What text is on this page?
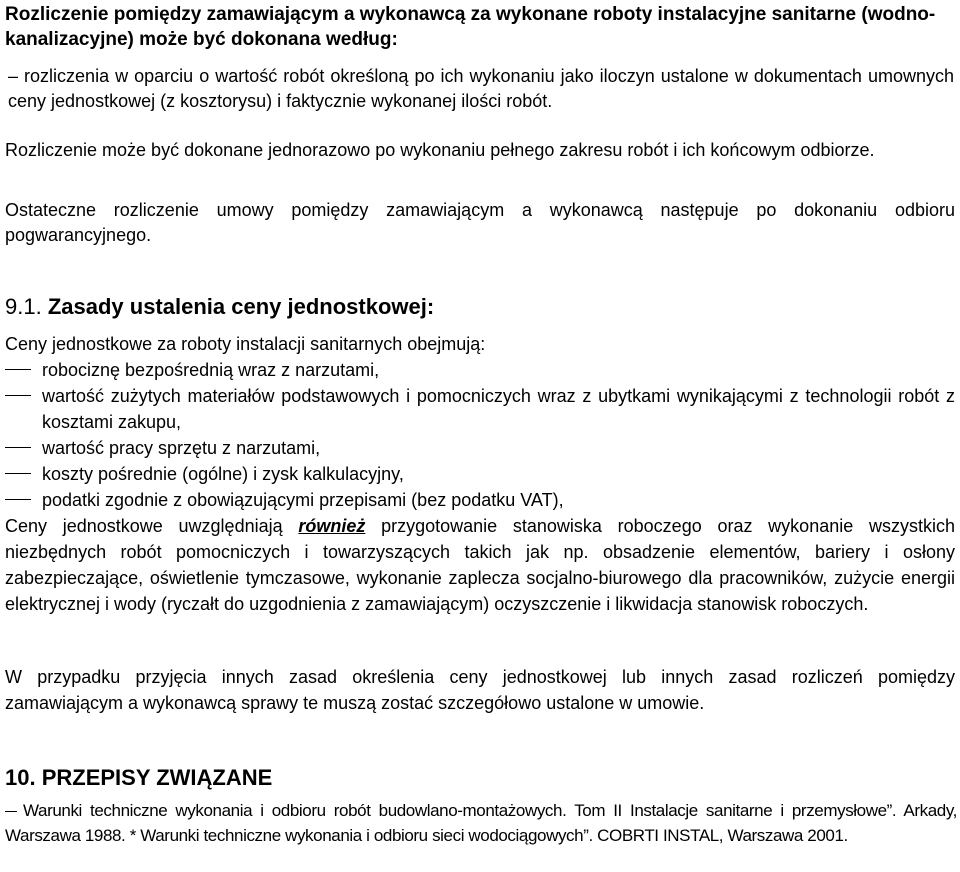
Rozliczenie pomiędzy zamawiającym a wykonawcą za wykonane roboty instalacyjne sanitarne (wodno-kanalizacyjne) może być dokonana według:
– rozliczenia w oparciu o wartość robót określoną po ich wykonaniu jako iloczyn ustalone w dokumentach umownych ceny jednostkowej (z kosztorysu) i faktycznie wykonanej ilości robót.
Rozliczenie może być dokonane jednorazowo po wykonaniu pełnego zakresu robót i ich końcowym odbiorze.
Ostateczne rozliczenie umowy pomiędzy zamawiającym a wykonawcą następuje po dokonaniu odbioru pogwarancyjnego.
9.1. Zasady ustalenia ceny jednostkowej:
Ceny jednostkowe za roboty instalacji sanitarnych obejmują:
robociznę bezpośrednią wraz z narzutami,
wartość zużytych materiałów podstawowych i pomocniczych wraz z ubytkami wynikającymi z technologii robót z kosztami zakupu,
wartość pracy sprzętu z narzutami,
koszty pośrednie (ogólne) i zysk kalkulacyjny,
podatki zgodnie z obowiązującymi przepisami (bez podatku VAT),
Ceny jednostkowe uwzględniają również przygotowanie stanowiska roboczego oraz wykonanie wszystkich niezbędnych robót pomocniczych i towarzyszących takich jak np. obsadzenie elementów, bariery i osłony zabezpieczające, oświetlenie tymczasowe, wykonanie zaplecza socjalno-biurowego dla pracowników, zużycie energii elektrycznej i wody (ryczałt do uzgodnienia z zamawiającym) oczyszczenie i likwidacja stanowisk roboczych.
W przypadku przyjęcia innych zasad określenia ceny jednostkowej lub innych zasad rozliczeń pomiędzy zamawiającym a wykonawcą sprawy te muszą zostać szczegółowo ustalone w umowie.
10. PRZEPISY ZWIĄZANE
Warunki techniczne wykonania i odbioru robót budowlano-montażowych. Tom II Instalacje sanitarne i przemysłowe”. Arkady, Warszawa 1988. * Warunki techniczne wykonania i odbioru sieci wodociągowych”. COBRTI INSTAL, Warszawa 2001.
